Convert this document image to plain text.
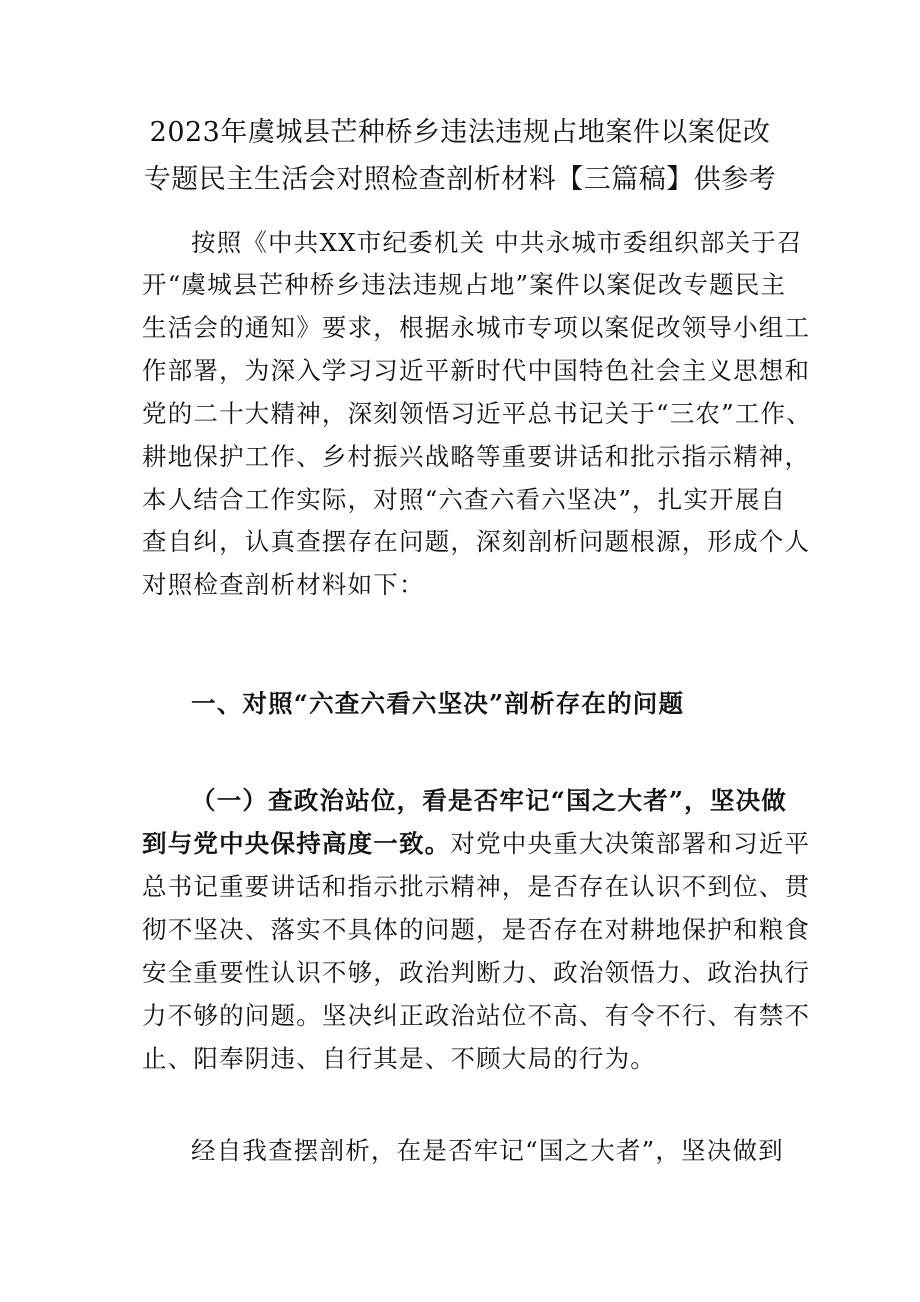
2023年虞城县芒种桥乡违法违规占地案件以案促改
专题民主生活会对照检查剖析材料【三篇稿】供参考
按照《中共XX市纪委机关 中共永城市委组织部关于召
开“虞城县芒种桥乡违法违规占地”案件以案促改专题民主
生活会的通知》要求，根据永城市专项以案促改领导小组工
作部署，为深入学习习近平新时代中国特色社会主义思想和
党的二十大精神，深刻领悟习近平总书记关于“三农”工作、
耕地保护工作、乡村振兴战略等重要讲话和批示指示精神，
本人结合工作实际，对照“六查六看六坚决”，扎实开展自
查自纠，认真查摆存在问题，深刻剖析问题根源，形成个人
对照检查剖析材料如下：
一、对照“六查六看六坚决”剖析存在的问题
（一）查政治站位，看是否牢记“国之大者”，坚决做
到与党中央保持高度一致。对党中央重大决策部署和习近平
总书记重要讲话和指示批示精神，是否存在认识不到位、贯
彻不坚决、落实不具体的问题，是否存在对耕地保护和粮食
安全重要性认识不够，政治判断力、政治领悟力、政治执行
力不够的问题。坚决纠正政治站位不高、有令不行、有禁不
止、阳奉阴违、自行其是、不顾大局的行为。
经自我查摆剖析，在是否牢记“国之大者”，坚决做到
